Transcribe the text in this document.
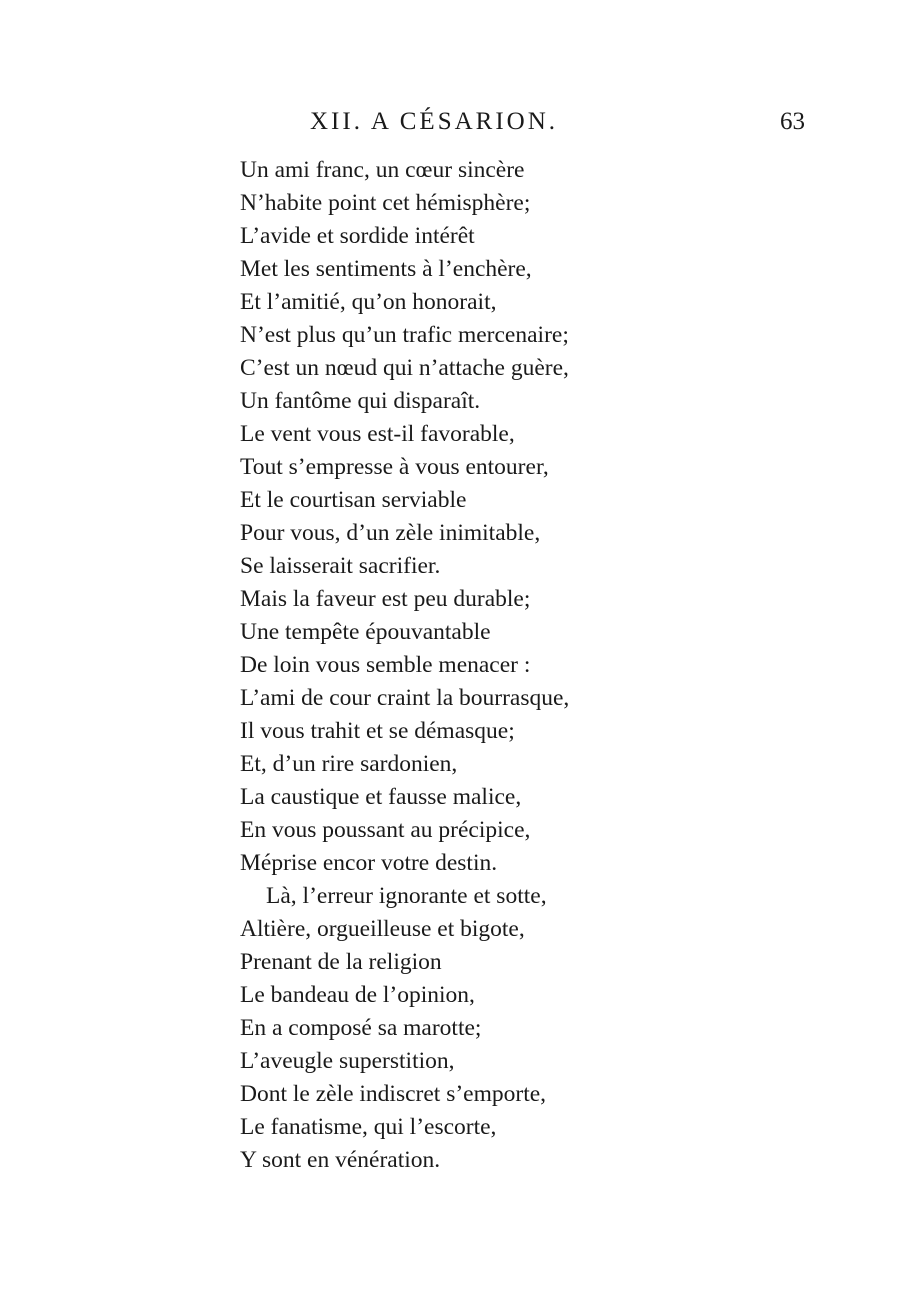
XII. A CÉSARION.	63
Un ami franc, un cœur sincère
N’habite point cet hémisphère;
L’avide et sordide intérêt
Met les sentiments à l’enchère,
Et l’amitié, qu’on honorait,
N’est plus qu’un trafic mercenaire;
C’est un nœud qui n’attache guère,
Un fantôme qui disparaît.
Le vent vous est-il favorable,
Tout s’empresse à vous entourer,
Et le courtisan serviable
Pour vous, d’un zèle inimitable,
Se laisserait sacrifier.
Mais la faveur est peu durable;
Une tempête épouvantable
De loin vous semble menacer :
L’ami de cour craint la bourrasque,
Il vous trahit et se démasque;
Et, d’un rire sardonien,
La caustique et fausse malice,
En vous poussant au précipice,
Méprise encor votre destin.
Là, l’erreur ignorante et sotte,
Altière, orgueilleuse et bigote,
Prenant de la religion
Le bandeau de l’opinion,
En a composé sa marotte;
L’aveugle superstition,
Dont le zèle indiscret s’emporte,
Le fanatisme, qui l’escorte,
Y sont en vénération.
